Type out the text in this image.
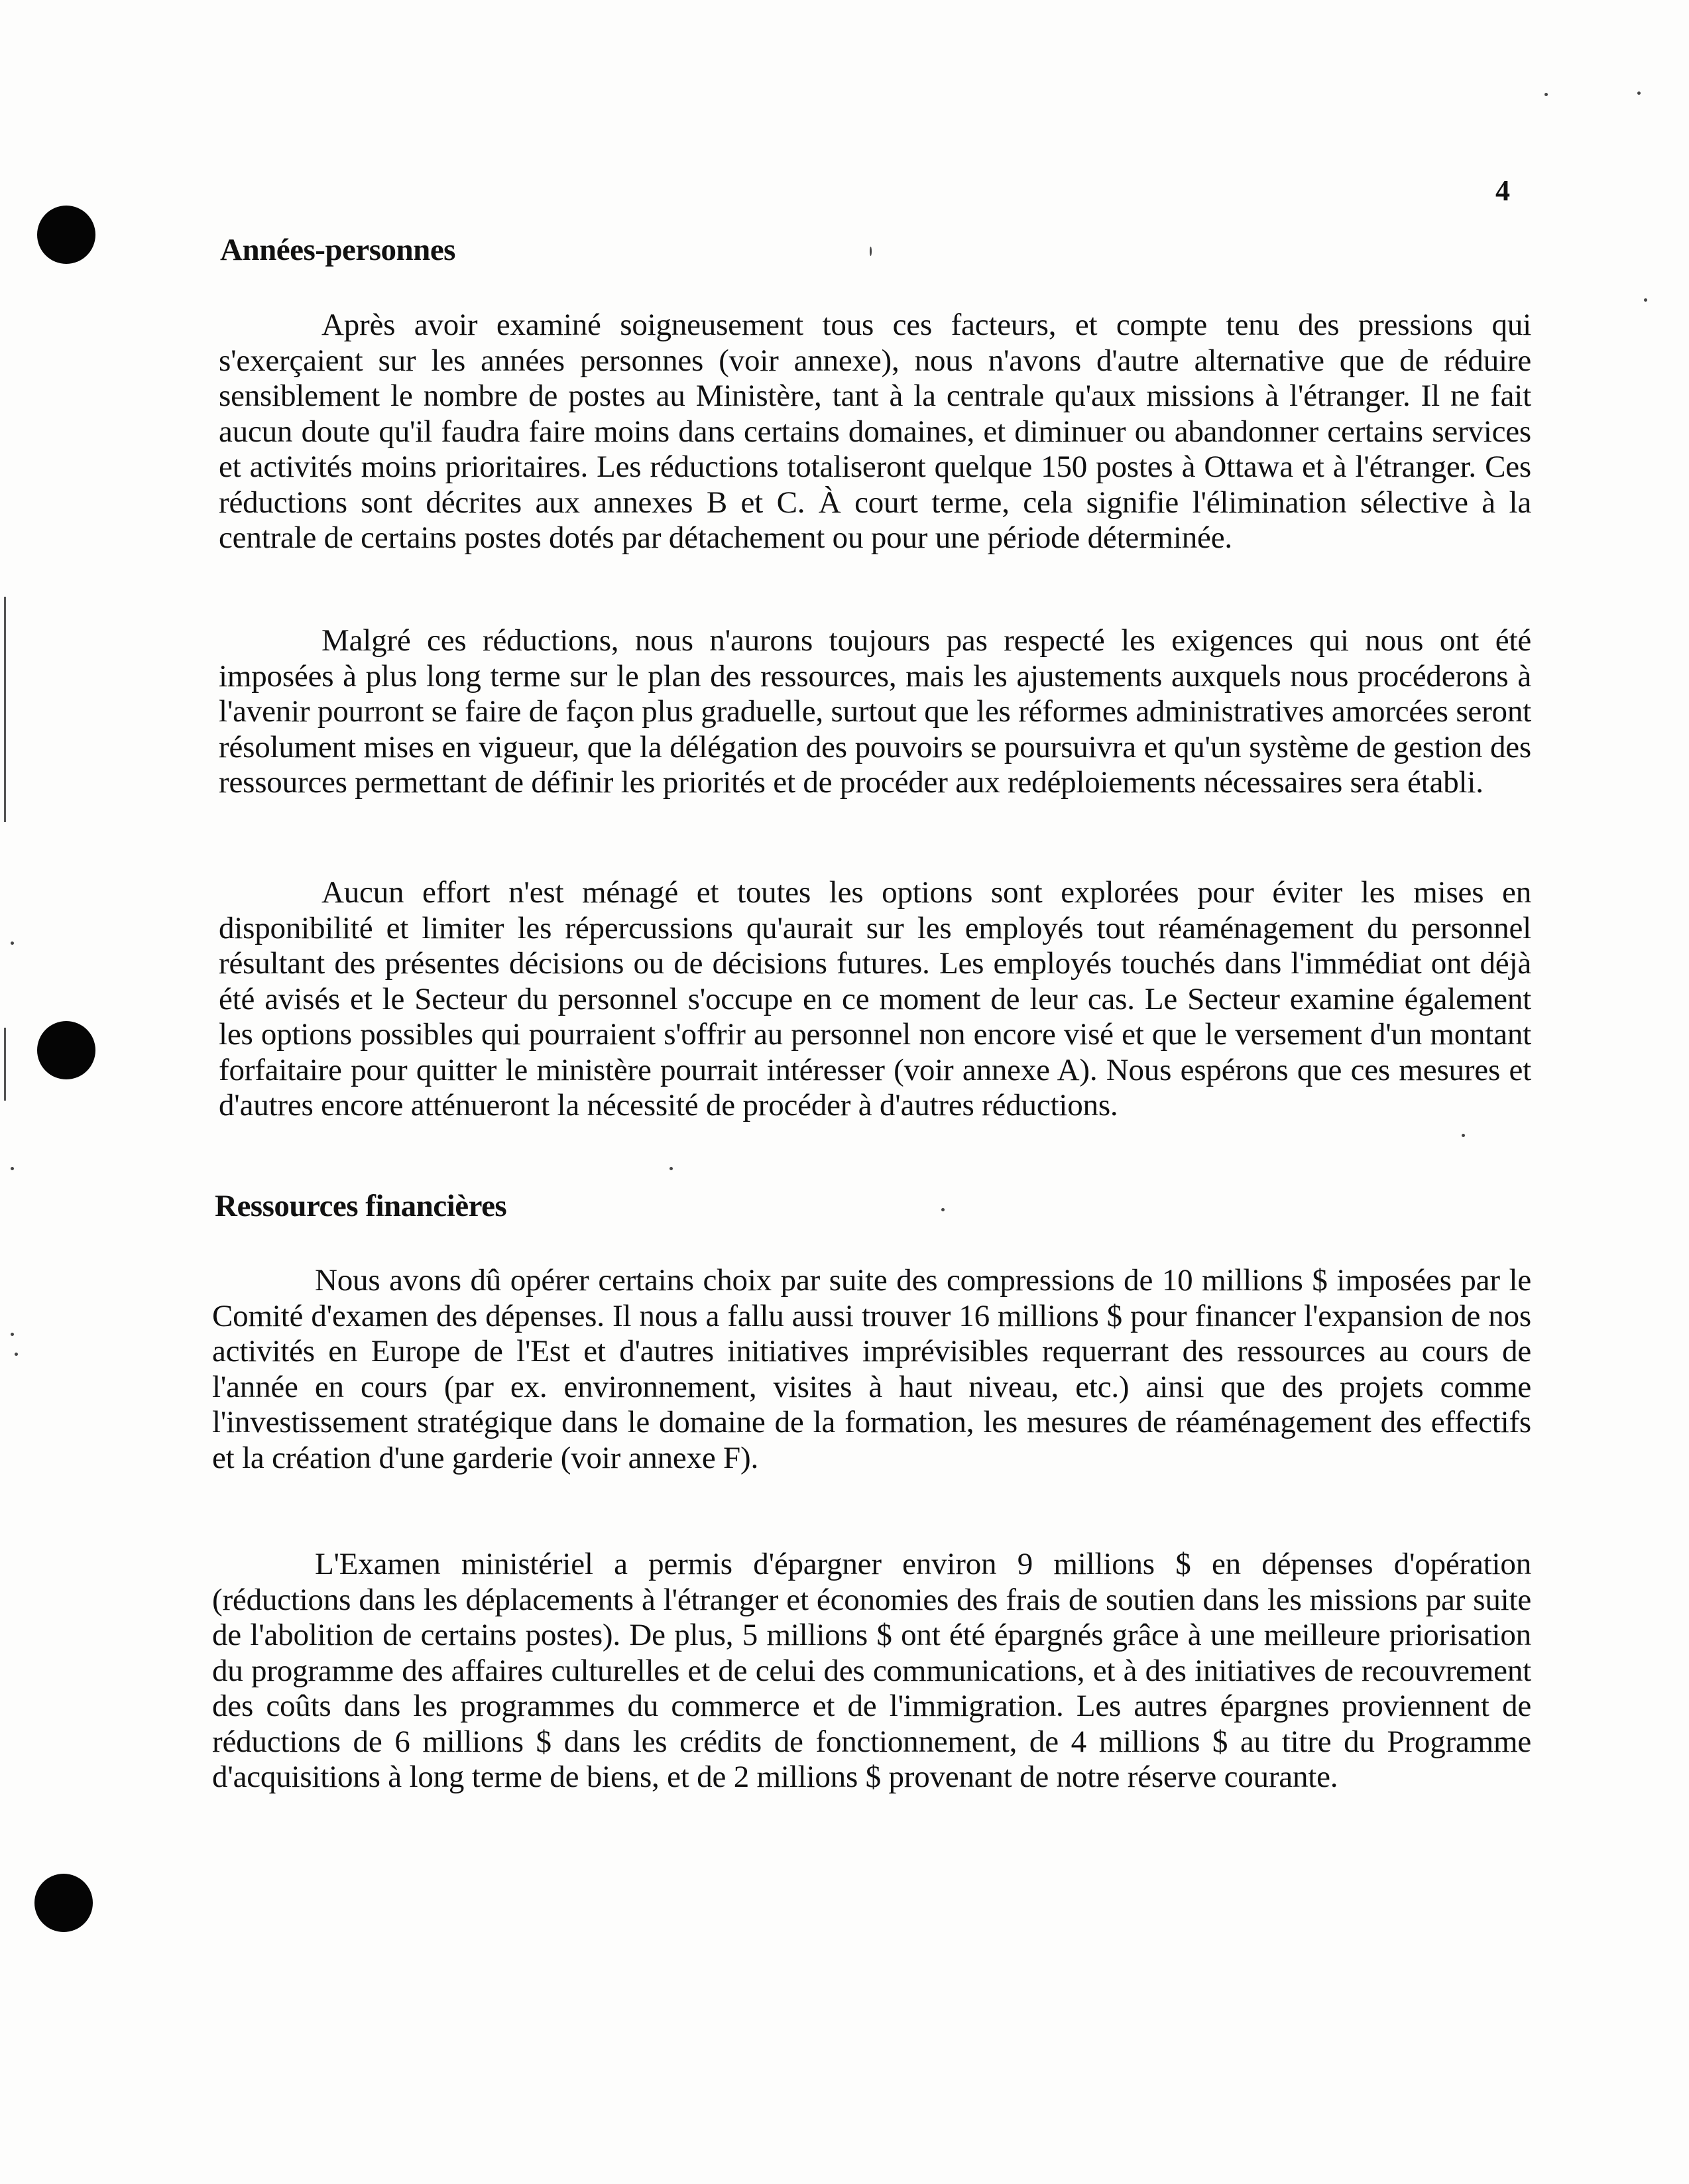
4
Années-personnes

Après avoir examiné soigneusement tous ces facteurs, et compte tenu des pressions qui s'exerçaient sur les années personnes (voir annexe), nous n'avons d'autre alternative que de réduire sensiblement le nombre de postes au Ministère, tant à la centrale qu'aux missions à l'étranger. Il ne fait aucun doute qu'il faudra faire moins dans certains domaines, et diminuer ou abandonner certains services et activités moins prioritaires. Les réductions totaliseront quelque 150 postes à Ottawa et à l'étranger. Ces réductions sont décrites aux annexes B et C. À court terme, cela signifie l'élimination sélective à la centrale de certains postes dotés par détachement ou pour une période déterminée.

Malgré ces réductions, nous n'aurons toujours pas respecté les exigences qui nous ont été imposées à plus long terme sur le plan des ressources, mais les ajustements auxquels nous procéderons à l'avenir pourront se faire de façon plus graduelle, surtout que les réformes administratives amorcées seront résolument mises en vigueur, que la délégation des pouvoirs se poursuivra et qu'un système de gestion des ressources permettant de définir les priorités et de procéder aux redéploiements nécessaires sera établi.

Aucun effort n'est ménagé et toutes les options sont explorées pour éviter les mises en disponibilité et limiter les répercussions qu'aurait sur les employés tout réaménagement du personnel résultant des présentes décisions ou de décisions futures. Les employés touchés dans l'immédiat ont déjà été avisés et le Secteur du personnel s'occupe en ce moment de leur cas. Le Secteur examine également les options possibles qui pourraient s'offrir au personnel non encore visé et que le versement d'un montant forfaitaire pour quitter le ministère pourrait intéresser (voir annexe A). Nous espérons que ces mesures et d'autres encore atténueront la nécessité de procéder à d'autres réductions.

Ressources financières

Nous avons dû opérer certains choix par suite des compressions de 10 millions $ imposées par le Comité d'examen des dépenses. Il nous a fallu aussi trouver 16 millions $ pour financer l'expansion de nos activités en Europe de l'Est et d'autres initiatives imprévisibles requerrant des ressources au cours de l'année en cours (par ex. environnement, visites à haut niveau, etc.) ainsi que des projets comme l'investissement stratégique dans le domaine de la formation, les mesures de réaménagement des effectifs et la création d'une garderie (voir annexe F).

L'Examen ministériel a permis d'épargner environ 9 millions $ en dépenses d'opération (réductions dans les déplacements à l'étranger et économies des frais de soutien dans les missions par suite de l'abolition de certains postes). De plus, 5 millions $ ont été épargnés grâce à une meilleure priorisation du programme des affaires culturelles et de celui des communications, et à des initiatives de recouvrement des coûts dans les programmes du commerce et de l'immigration. Les autres épargnes proviennent de réductions de 6 millions $ dans les crédits de fonctionnement, de 4 millions $ au titre du Programme d'acquisitions à long terme de biens, et de 2 millions $ provenant de notre réserve courante.
